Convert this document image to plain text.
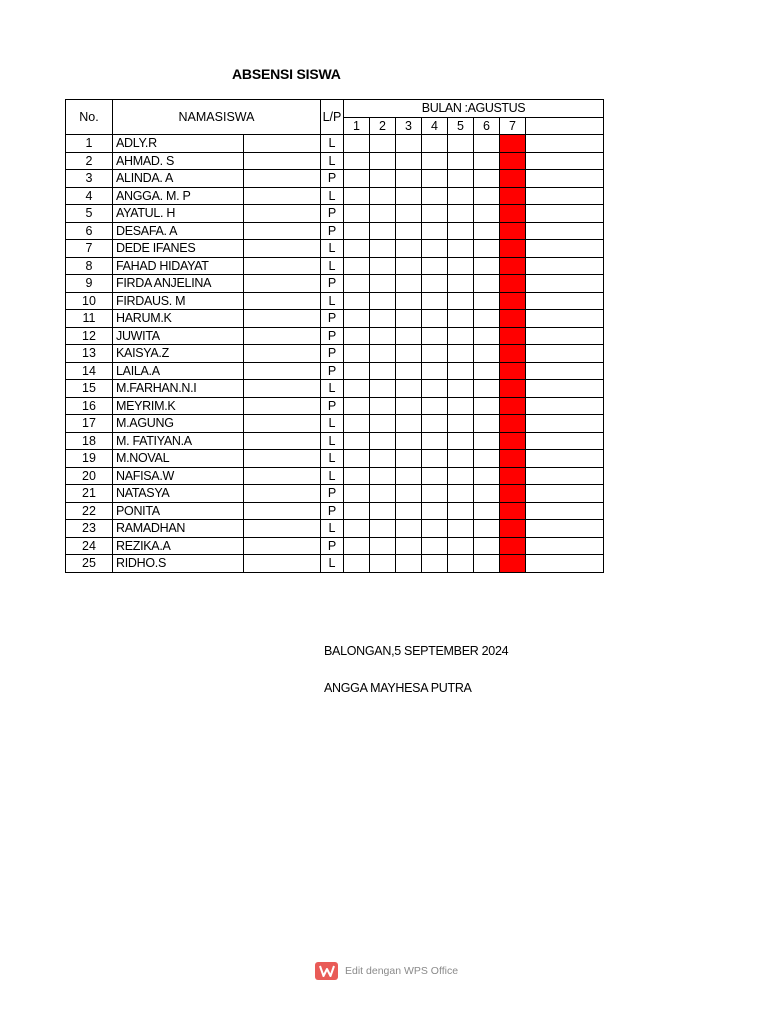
ABSENSI SISWA
No.	NAMASISWA		L/P	BULAN :AGUSTUS							
				1	2	3	4	5	6	7	
1	ADLY.R		L								
2	AHMAD. S		L								
3	ALINDA. A		P								
4	ANGGA. M. P		L								
5	AYATUL. H		P								
6	DESAFA. A		P								
7	DEDE IFANES		L								
8	FAHAD HIDAYAT		L								
9	FIRDA ANJELINA		P								
10	FIRDAUS. M		L								
11	HARUM.K		P								
12	JUWITA		P								
13	KAISYA.Z		P								
14	LAILA.A		P								
15	M.FARHAN.N.I		L								
16	MEYRIM.K		P								
17	M.AGUNG		L								
18	M. FATIYAN.A		L								
19	M.NOVAL		L								
20	NAFISA.W		L								
21	NATASYA		P								
22	PONITA		P								
23	RAMADHAN		L								
24	REZIKA.A		P								
25	RIDHO.S		L								
BALONGAN,5 SEPTEMBER 2024
ANGGA MAYHESA PUTRA
Edit dengan WPS Office
